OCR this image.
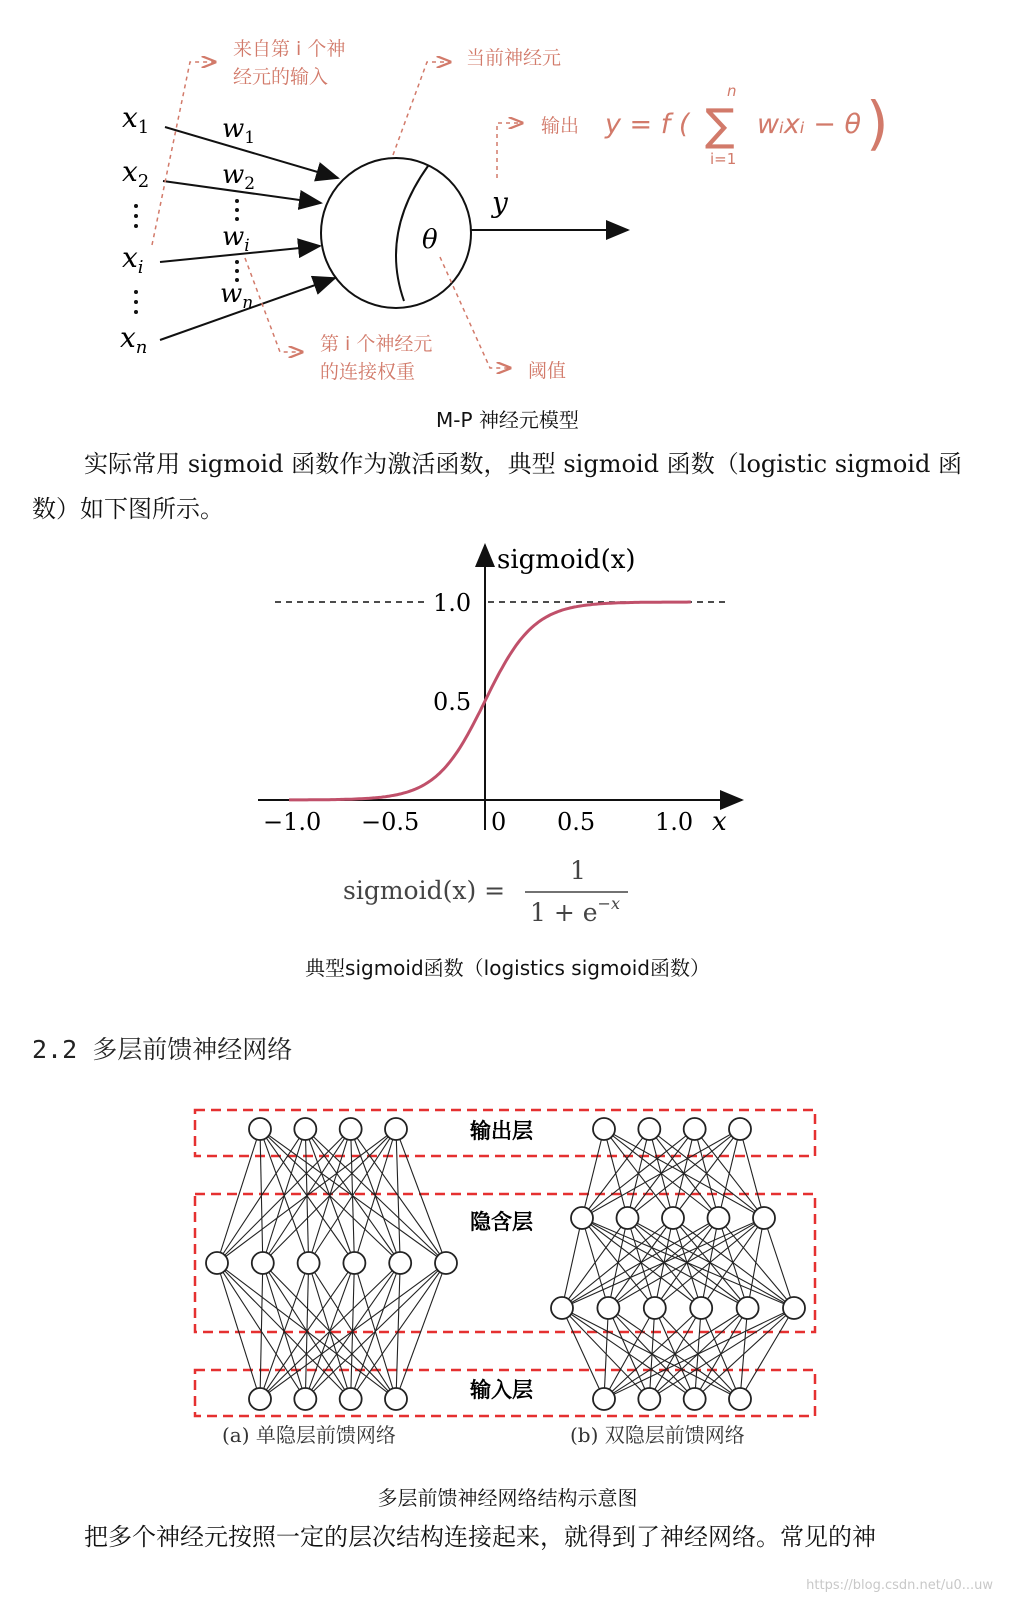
θ
$x_1$
$x_2$
$x_i$
$x_n$
$w_1$
$w_2$
$w_i$
$w_n$
y
来自第 i 个神
经元的输入
当前神经元
输出 y = f ( ∑
n
i=1
wᵢxᵢ − θ )
第 i 个神经元
的连接权重	阈值
M-P 神经元模型
实际常用 sigmoid 函数作为激活函数，典型 sigmoid 函数（logistic sigmoid 函数）如下图所示。
sigmoid(x)
−1.0 −0.5	0 0.5 1.0
0.5
1.0
x
sigmoid(x) =
1
$1 + e^{-x}$
典型sigmoid函数（logistics sigmoid函数）
2.2 多层前馈神经网络
输出层
隐含层
输入层
(a) 单隐层前馈网络	(b) 双隐层前馈网络
多层前馈神经网络结构示意图
把多个神经元按照一定的层次结构连接起来，就得到了神经网络。常见的神
https://blog.csdn.net/u0...uw
